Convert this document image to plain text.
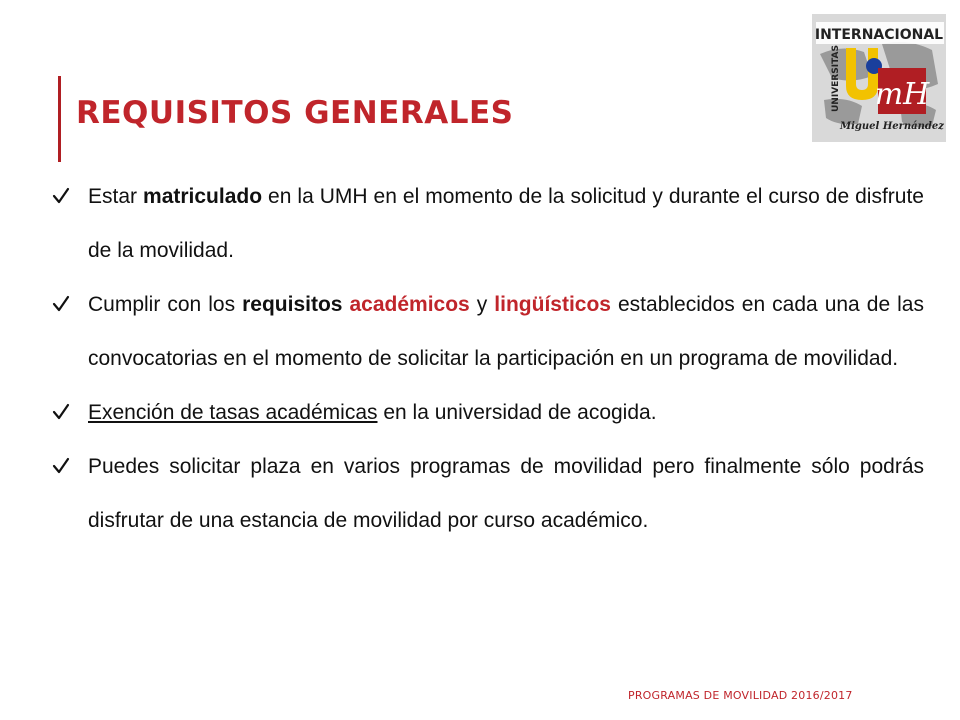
REQUISITOS GENERALES
INTERNACIONAL
UNIVERSITAS mH
Miguel Hernández
Estar matriculado en la UMH en el momento de la solicitud y durante el curso de disfrute de la movilidad.
Cumplir con los requisitos académicos y lingüísticos establecidos en cada una de las convocatorias en el momento de solicitar la participación en un programa de movilidad.
Exención de tasas académicas en la universidad de acogida.
Puedes solicitar plaza en varios programas de movilidad pero finalmente sólo podrás disfrutar de una estancia de movilidad por curso académico.
PROGRAMAS DE MOVILIDAD 2016/2017
